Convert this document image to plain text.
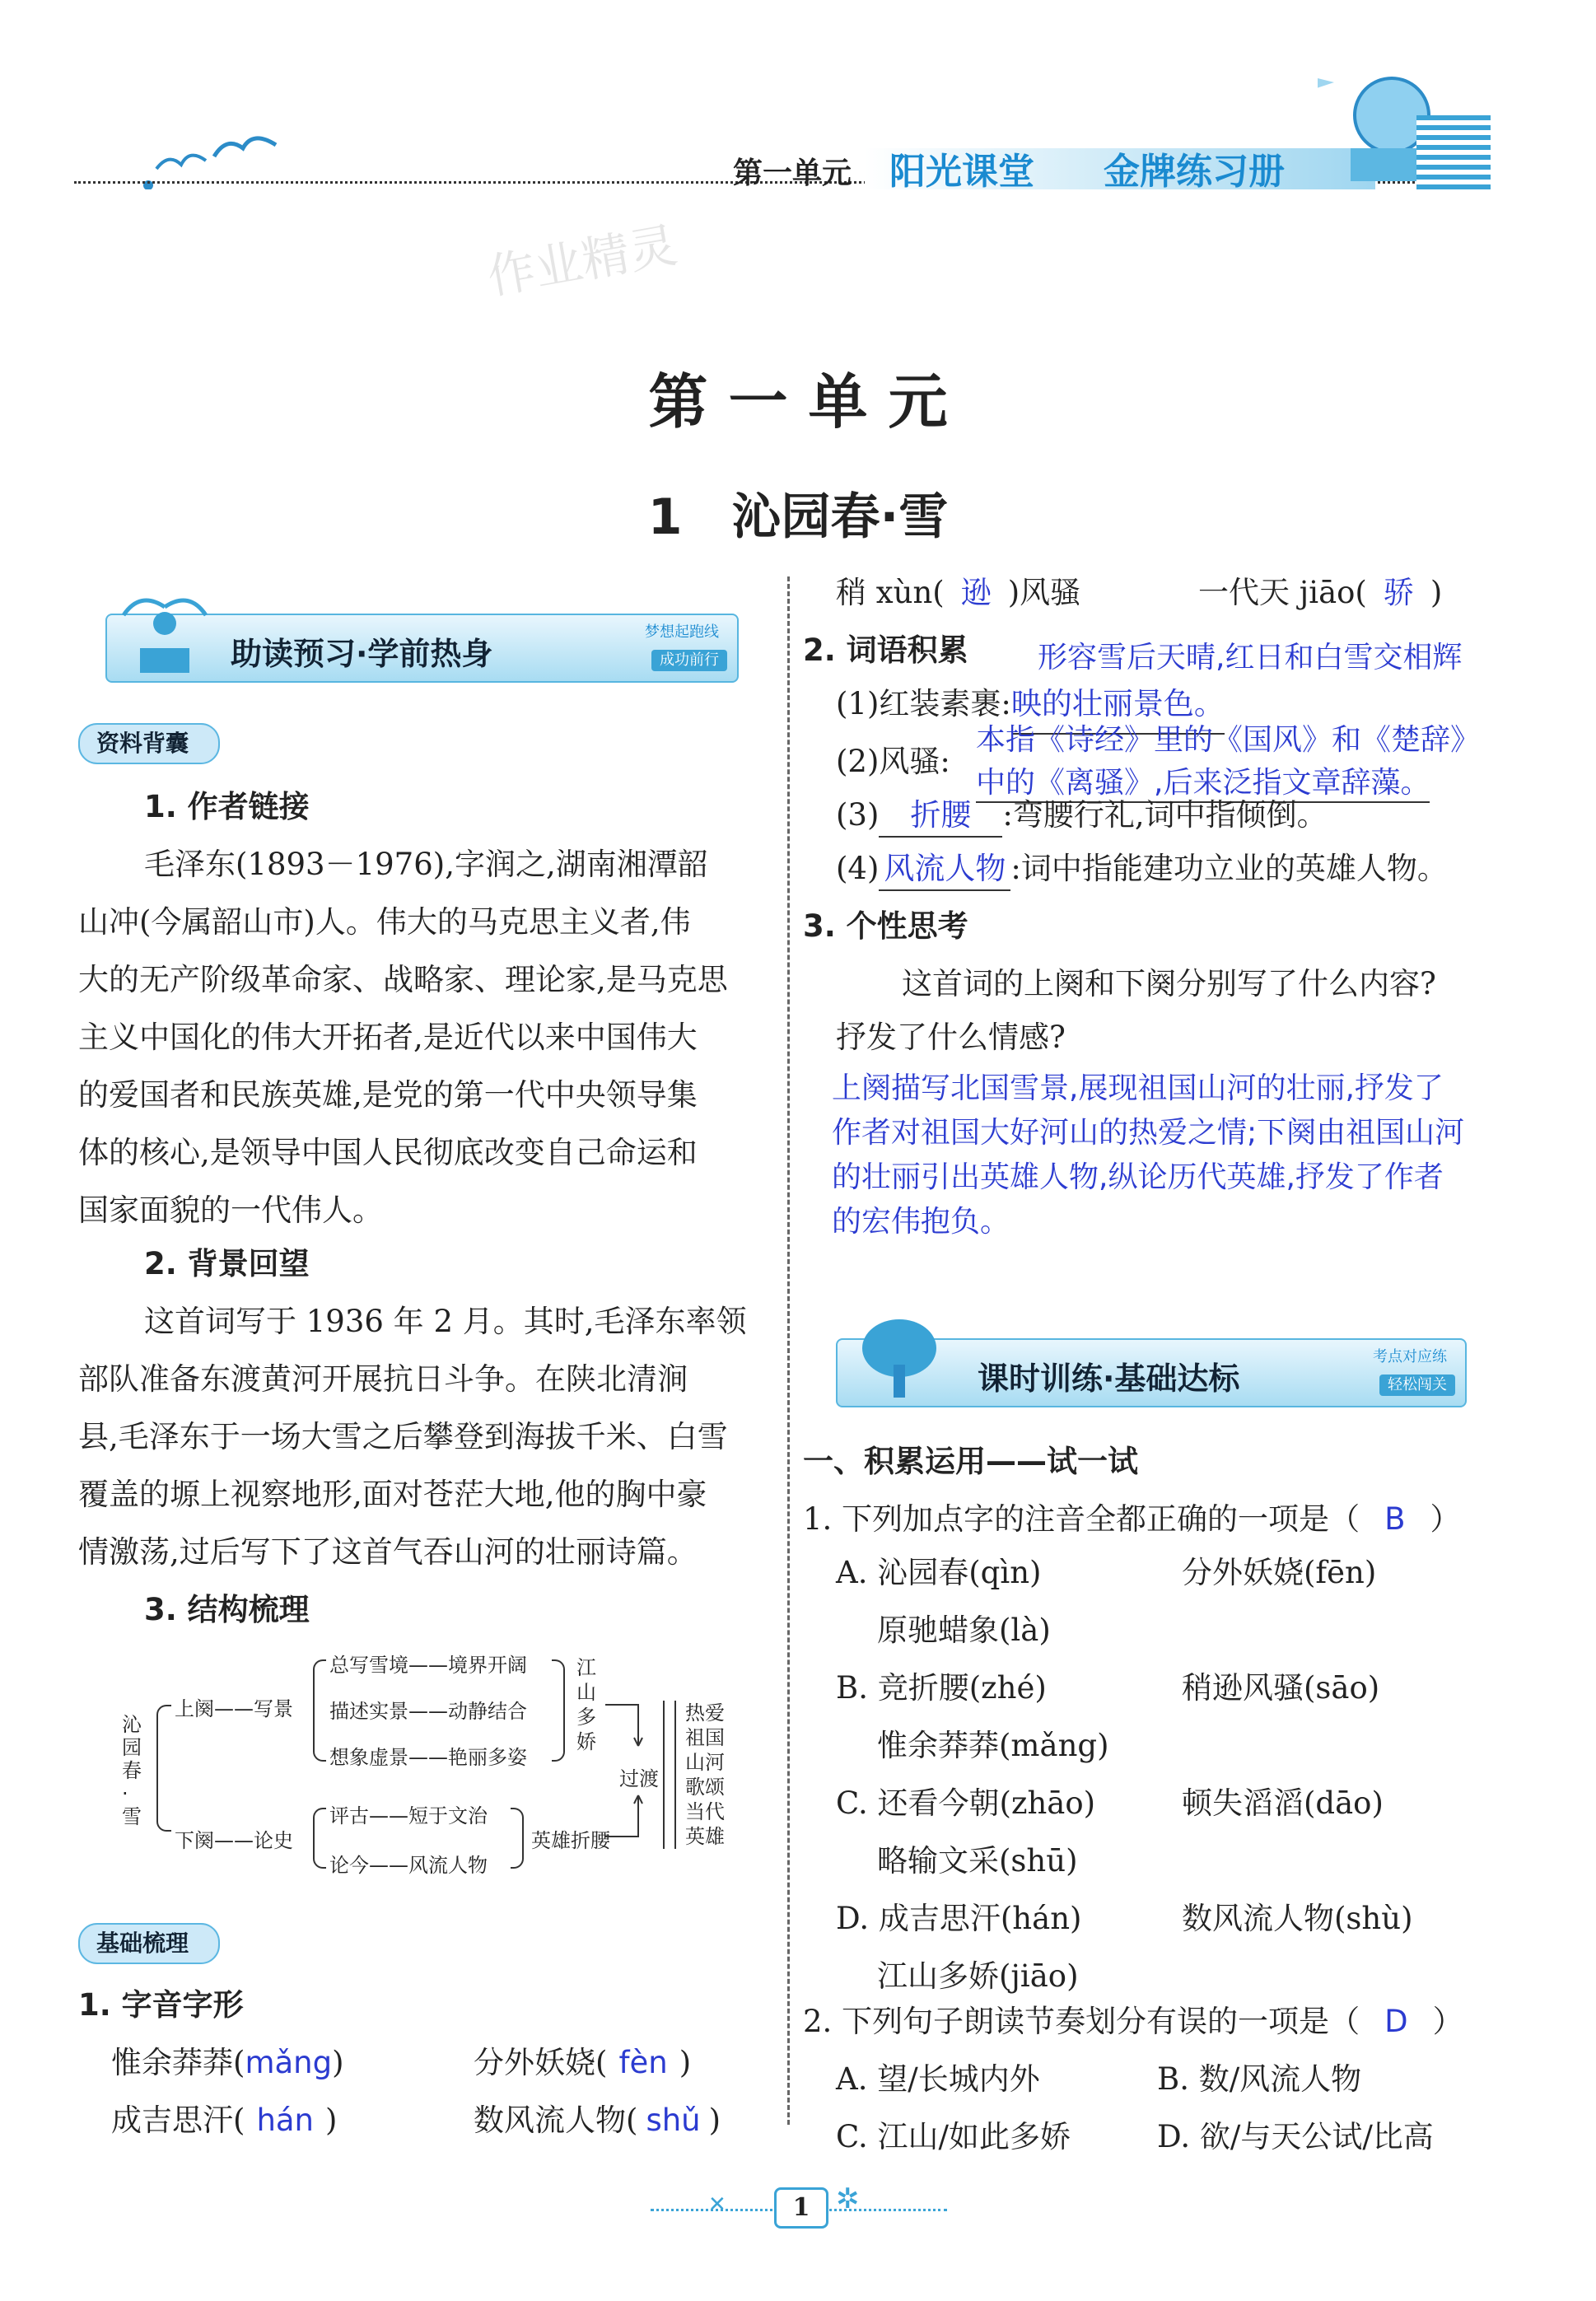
第一单元 阳光课堂 金牌练习册
作业精灵
第 一 单 元
1　沁园春·雪
助读预习·学前热身
梦想起跑线
成功前行
资料背囊
1. 作者链接
毛泽东(1893－1976),字润之,湖南湘潭韶
山冲(今属韶山市)人。伟大的马克思主义者,伟
大的无产阶级革命家、战略家、理论家,是马克思
主义中国化的伟大开拓者,是近代以来中国伟大
的爱国者和民族英雄,是党的第一代中央领导集
体的核心,是领导中国人民彻底改变自己命运和
国家面貌的一代伟人。
2. 背景回望
这首词写于 1936 年 2 月。其时,毛泽东率领
部队准备东渡黄河开展抗日斗争。在陕北清涧
县,毛泽东于一场大雪之后攀登到海拔千米、白雪
覆盖的塬上视察地形,面对苍茫大地,他的胸中豪
情激荡,过后写下了这首气吞山河的壮丽诗篇。
3. 结构梳理
沁园春·雪
上阕——写景
下阕——论史
总写雪境——境界开阔
描述实景——动静结合
想象虚景——艳丽多姿
江山多娇
评古——短于文治
论今——风流人物
英雄折腰
过渡
热爱祖国山河歌颂当代英雄
基础梳理
1. 字音字形
惟余莽莽(mǎng)	分外妖娆( fèn )
成吉思汗( hán )	数风流人物( shǔ )
稍 xùn( 逊 )风骚	一代天 jiāo( 骄 )
2. 词语积累 形容雪后天晴,红日和白雪交相辉
(1)红装素裹:映的壮丽景色。
本指《诗经》里的《国风》和《楚辞》
(2)风骚:
中的《离骚》,后来泛指文章辞藻。
(3) 折腰 :弯腰行礼,词中指倾倒。
(4) 风流人物 :词中指能建功立业的英雄人物。
3. 个性思考
这首词的上阕和下阕分别写了什么内容?
抒发了什么情感?
上阕描写北国雪景,展现祖国山河的壮丽,抒发了
作者对祖国大好河山的热爱之情;下阕由祖国山河
的壮丽引出英雄人物,纵论历代英雄,抒发了作者
的宏伟抱负。
课时训练·基础达标
考点对应练
轻松闯关
一、积累运用——试一试
1. 下列加点字的注音全都正确的一项是（ B ）
A. 沁园春(qìn)	分外妖娆(fēn)
原驰蜡象(là)
B. 竞折腰(zhé)	稍逊风骚(sāo)
惟余莽莽(mǎng)
C. 还看今朝(zhāo)	顿失滔滔(dāo)
略输文采(shū)
D. 成吉思汗(hán)	数风流人物(shù)
江山多娇(jiāo)
2. 下列句子朗读节奏划分有误的一项是（ D ）
A. 望/长城内外	B. 数/风流人物
C. 江山/如此多娇	D. 欲/与天公试/比高
1 ✲
✕
